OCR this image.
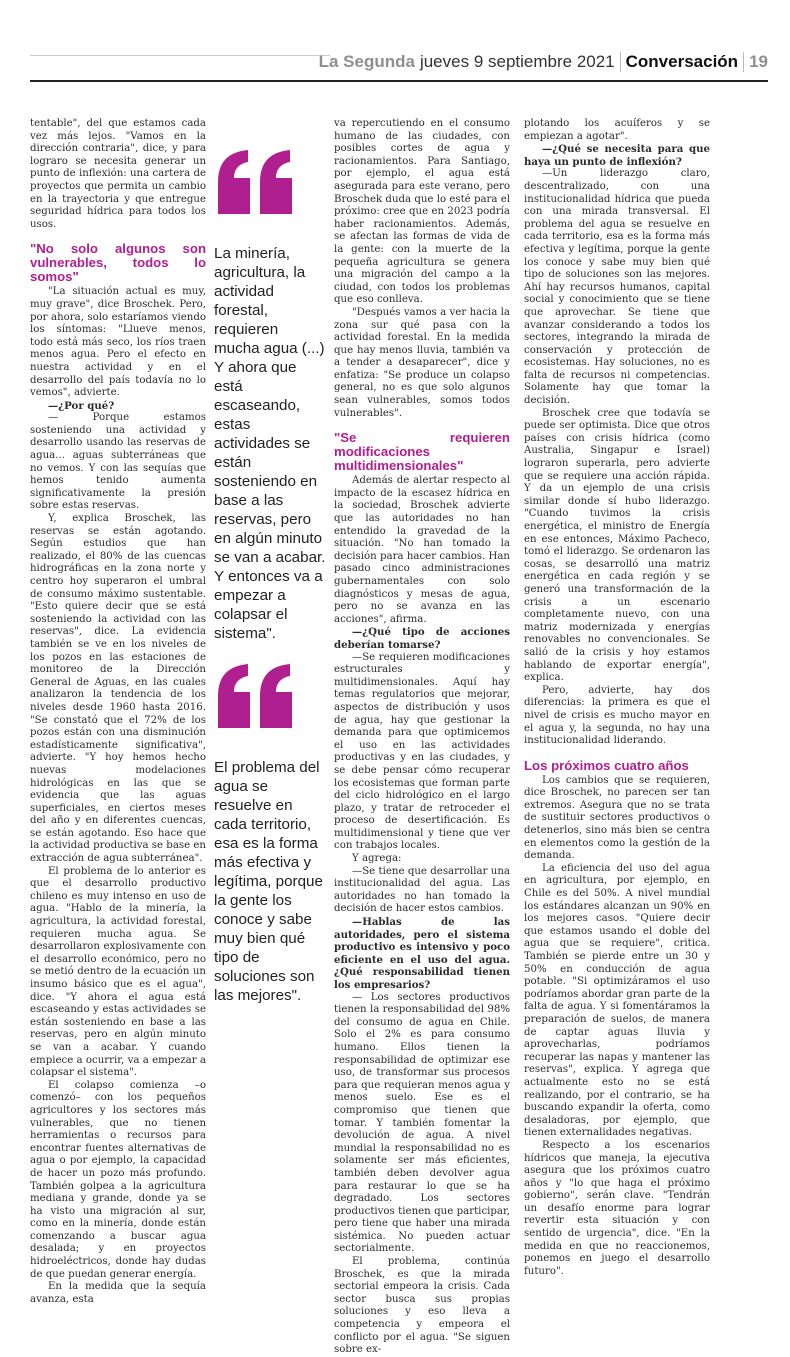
La Segunda jueves 9 septiembre 2021 Conversación 19

tentable", del que estamos cada vez más lejos. "Vamos en la dirección contraria", dice, y para lograro se necesita generar un punto de inflexión: una cartera de proyectos que permita un cambio en la trayectoria y que entregue seguridad hídrica para todos los usos.

"No solo algunos son vulnerables, todos lo somos"

"La situación actual es muy, muy grave", dice Broschek. Pero, por ahora, solo estaríamos viendo los síntomas: "Llueve menos, todo está más seco, los ríos traen menos agua. Pero el efecto en nuestra actividad y en el desarrollo del país todavía no lo vemos", advierte.

—¿Por qué?

— Porque estamos sosteniendo una actividad y desarrollo usando las reservas de agua... aguas subterráneas que no vemos. Y con las sequías que hemos tenido aumenta significativamente la presión sobre estas reservas.

Y, explica Broschek, las reservas se están agotando. Según estudios que han realizado, el 80% de las cuencas hidrográficas en la zona norte y centro hoy superaron el umbral de consumo máximo sustentable. "Esto quiere decir que se está sosteniendo la actividad con las reservas", dice. La evidencia también se ve en los niveles de los pozos en las estaciones de monitoreo de la Dirección General de Aguas, en las cuales analizaron la tendencia de los niveles desde 1960 hasta 2016. "Se constató que el 72% de los pozos están con una disminución estadísticamente significativa", advierte. "Y hoy hemos hecho nuevas modelaciones hidrológicas en las que se evidencia que las aguas superficiales, en ciertos meses del año y en diferentes cuencas, se están agotando. Eso hace que la actividad productiva se base en extracción de agua subterránea".

El problema de lo anterior es que el desarrollo productivo chileno es muy intenso en uso de agua. "Hablo de la minería, la agricultura, la actividad forestal, requieren mucha agua. Se desarrollaron explosivamente con el desarrollo económico, pero no se metió dentro de la ecuación un insumo básico que es el agua", dice. "Y ahora el agua está escaseando y estas actividades se están sosteniendo en base a las reservas, pero en algún minuto se van a acabar. Y cuando empiece a ocurrir, va a empezar a colapsar el sistema".

El colapso comienza –o comenzó– con los pequeños agricultores y los sectores más vulnerables, que no tienen herramientas o recursos para encontrar fuentes alternativas de agua o por ejemplo, la capacidad de hacer un pozo más profundo. También golpea a la agricultura mediana y grande, donde ya se ha visto una migración al sur, como en la minería, donde están comenzando a buscar agua desalada; y en proyectos hidroeléctricos, donde hay dudas de que puedan generar energía.

En la medida que la sequía avanza, esta

La minería, agricultura, la actividad forestal, requieren mucha agua (...) Y ahora que está escaseando, estas actividades se están sosteniendo en base a las reservas, pero en algún minuto se van a acabar. Y entonces va a empezar a colapsar el sistema".
El problema del agua se resuelve en cada territorio, esa es la forma más efectiva y legítima, porque la gente los conoce y sabe muy bien qué tipo de soluciones son las mejores".

va repercutiendo en el consumo humano de las ciudades, con posibles cortes de agua y racionamientos. Para Santiago, por ejemplo, el agua está asegurada para este verano, pero Broschek duda que lo esté para el próximo: cree que en 2023 podría haber racionamientos. Además, se afectan las formas de vida de la gente: con la muerte de la pequeña agricultura se genera una migración del campo a la ciudad, con todos los problemas que eso conlleva.

"Después vamos a ver hacia la zona sur qué pasa con la actividad forestal. En la medida que hay menos lluvia, también va a tender a desaparecer", dice y enfatiza: "Se produce un colapso general, no es que solo algunos sean vulnerables, somos todos vulnerables".

"Se requieren modificaciones multidimensionales"

Además de alertar respecto al impacto de la escasez hídrica en la sociedad, Broschek advierte que las autoridades no han entendido la gravedad de la situación. "No han tomado la decisión para hacer cambios. Han pasado cinco administraciones gubernamentales con solo diagnósticos y mesas de agua, pero no se avanza en las acciones", afirma.

—¿Qué tipo de acciones deberían tomarse?

—Se requieren modificaciones estructurales y multidimensionales. Aquí hay temas regulatorios que mejorar, aspectos de distribución y usos de agua, hay que gestionar la demanda para que optimicemos el uso en las actividades productivas y en las ciudades, y se debe pensar cómo recuperar los ecosistemas que forman parte del ciclo hidrológico en el largo plazo, y tratar de retroceder el proceso de desertificación. Es multidimensional y tiene que ver con trabajos locales.

Y agrega:

—Se tiene que desarrollar una institucionalidad del agua. Las autoridades no han tomado la decisión de hacer estos cambios.

—Hablas de las autoridades, pero el sistema productivo es intensivo y poco eficiente en el uso del agua. ¿Qué responsabilidad tienen los empresarios?

— Los sectores productivos tienen la responsabilidad del 98% del consumo de agua en Chile. Solo el 2% es para consumo humano. Ellos tienen la responsabilidad de optimizar ese uso, de transformar sus procesos para que requieran menos agua y menos suelo. Ese es el compromiso que tienen que tomar. Y también fomentar la devolución de agua. A nivel mundial la responsabilidad no es solamente ser más eficientes, también deben devolver agua para restaurar lo que se ha degradado. Los sectores productivos tienen que participar, pero tiene que haber una mirada sistémica. No pueden actuar sectorialmente.

El problema, continúa Broschek, es que la mirada sectorial empeora la crisis. Cada sector busca sus propias soluciones y eso lleva a competencia y empeora el conflicto por el agua. "Se siguen sobre ex-

plotando los acuíferos y se empiezan a agotar".

—¿Qué se necesita para que haya un punto de inflexión?

—Un liderazgo claro, descentralizado, con una institucionalidad hídrica que pueda con una mirada transversal. El problema del agua se resuelve en cada territorio, esa es la forma más efectiva y legítima, porque la gente los conoce y sabe muy bien qué tipo de soluciones son las mejores. Ahí hay recursos humanos, capital social y conocimiento que se tiene que aprovechar. Se tiene que avanzar considerando a todos los sectores, integrando la mirada de conservación y protección de ecosistemas. Hay soluciones, no es falta de recursos ni competencias. Solamente hay que tomar la decisión.

Broschek cree que todavía se puede ser optimista. Dice que otros países con crisis hídrica (como Australia, Singapur e Israel) lograron superarla, pero advierte que se requiere una acción rápida. Y da un ejemplo de una crisis similar donde sí hubo liderazgo. "Cuando tuvimos la crisis energética, el ministro de Energía en ese entonces, Máximo Pacheco, tomó el liderazgo. Se ordenaron las cosas, se desarrolló una matriz energética en cada región y se generó una transformación de la crisis a un escenario completamente nuevo, con una matriz modernizada y energías renovables no convencionales. Se salió de la crisis y hoy estamos hablando de exportar energía", explica.

Pero, advierte, hay dos diferencias: la primera es que el nivel de crisis es mucho mayor en el agua y, la segunda, no hay una institucionalidad liderando.

Los próximos cuatro años

Los cambios que se requieren, dice Broschek, no parecen ser tan extremos. Asegura que no se trata de sustituir sectores productivos o detenerlos, sino más bien se centra en elementos como la gestión de la demanda.

La eficiencia del uso del agua en agricultura, por ejemplo, en Chile es del 50%. A nivel mundial los estándares alcanzan un 90% en los mejores casos. "Quiere decir que estamos usando el doble del agua que se requiere", critica. También se pierde entre un 30 y 50% en conducción de agua potable. "Si optimizáramos el uso podríamos abordar gran parte de la falta de agua. Y si fomentáramos la preparación de suelos, de manera de captar aguas lluvia y aprovecharlas, podríamos recuperar las napas y mantener las reservas", explica. Y agrega que actualmente esto no se está realizando, por el contrario, se ha buscando expandir la oferta, como desaladoras, por ejemplo, que tienen externalidades negativas.

Respecto a los escenarios hídricos que maneja, la ejecutiva asegura que los próximos cuatro años y "lo que haga el próximo gobierno", serán clave. "Tendrán un desafío enorme para lograr revertir esta situación y con sentido de urgencia", dice. "En la medida en que no reaccionemos, ponemos en juego el desarrollo futuro".
